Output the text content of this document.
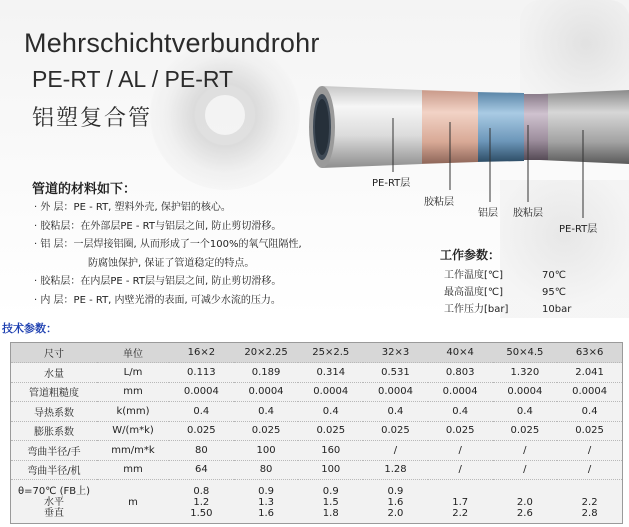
Mehrschichtverbundrohr
PE-RT / AL / PE-RT
铝塑复合管
PE-RT层
胶粘层
铝层 胶粘层
PE-RT层
管道的材料如下：
· 外 层：PE - RT, 塑料外壳, 保护铝的核心。
· 胶粘层：在外部层PE - RT与铝层之间, 防止剪切滑移。
· 铝 层：一层焊接铝圈, 从而形成了一个100%的氧气阻隔性,
防腐蚀保护, 保证了管道稳定的特点。
· 胶粘层：在内层PE - RT层与铝层之间, 防止剪切滑移。
· 内 层：PE - RT, 内壁光滑的表面, 可减少水流的压力。
工作参数：
工作温度[℃]	70℃
最高温度[℃]	95℃
工作压力[bar]	10bar
技术参数：
尺寸	单位	16×2	20×2.25	25×2.5	32×3	40×4	50×4.5	63×6
水量	L/m	0.113	0.189	0.314	0.531	0.803	1.320	2.041
管道粗糙度	mm	0.0004	0.0004	0.0004	0.0004	0.0004	0.0004	0.0004
导热系数	k(mm)	0.4	0.4	0.4	0.4	0.4	0.4	0.4
膨胀系数	W/(m*k)	0.025	0.025	0.025	0.025	0.025	0.025	0.025
弯曲半径/手	mm/m*k	80	100	160	/	/	/	/
弯曲半径/机	mm	64	80	100	1.28	/	/	/

θ=70℃ (FB上)
水平
垂直	m	0.8
1.2
1.50	0.9
1.3
1.6	0.9
1.5
1.8	0.9
1.6
2.0	1.7
2.2	2.0
2.6	2.2
2.8
